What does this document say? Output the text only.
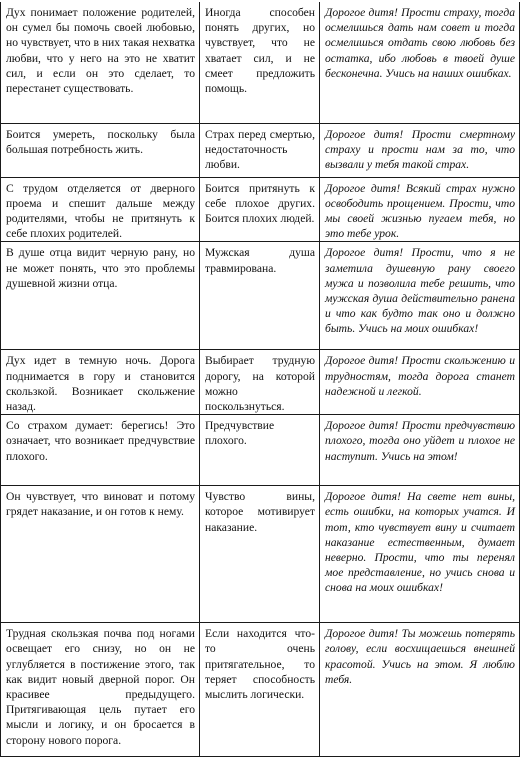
Дух понимает положение родителей, он сумел бы помочь своей любовью, но чувствует, что в них такая нехватка любви, что у него на это не хватит сил, и если он это сделает, то перестанет существовать.	Иногда способен понять других, но чувствует, что не хватает сил, и не смеет предложить помощь.	Дорогое дитя! Прости страху, тогда осмелишься дать нам совет и тогда осмелишься отдать свою любовь без остатка, ибо любовь в твоей душе бесконечна. Учись на наших ошибках.
Боится умереть, поскольку была большая потребность жить.	Страх перед смертью, недостаточность любви.	Дорогое дитя! Прости смертному страху и прости нам за то, что вызвали у тебя такой страх.
С трудом отделяется от дверного проема и спешит дальше между родителями, чтобы не притянуть к себе плохих родителей.	Боится притянуть к себе плохое других. Боится плохих людей.	Дорогое дитя! Всякий страх нужно освободить прощением. Прости, что мы своей жизнью пугаем тебя, но это тебе урок.
В душе отца видит черную рану, но не может понять, что это проблемы душевной жизни отца.	Мужская душа травмирована.	Дорогое дитя! Прости, что я не заметила душевную рану своего мужа и позволила тебе решить, что мужская душа действительно ранена и что как будто так оно и должно быть. Учись на моих ошибках!
Дух идет в темную ночь. Дорога поднимается в гору и становится скользкой. Возникает скольжение назад.	Выбирает трудную дорогу, на которой можно поскользнуться.	Дорогое дитя! Прости скольжению и трудностям, тогда дорога станет надежной и легкой.
Со страхом думает: берегись! Это означает, что возникает предчувствие плохого.	Предчувствие плохого.	Дорогое дитя! Прости предчувствию плохого, тогда оно уйдет и плохое не наступит. Учись на этом!
Он чувствует, что виноват и потому грядет наказание, и он готов к нему.	Чувство вины, которое мотивирует наказание.	Дорогое дитя! На свете нет вины, есть ошибки, на которых учатся. И тот, кто чувствует вину и считает наказание естественным, думает неверно. Прости, что ты перенял мое представление, но учись снова и снова на моих ошибках!
Трудная скользкая почва под ногами освещает его снизу, но он не углубляется в постижение этого, так как видит новый дверной порог. Он красивее предыдущего. Притягивающая цель путает его мысли и логику, и он бросается в сторону нового порога.	Если находится что-то очень притягательное, то теряет способность мыслить логически.	Дорогое дитя! Ты можешь потерять голову, если восхищаешься внешней красотой. Учись на этом. Я люблю тебя.
